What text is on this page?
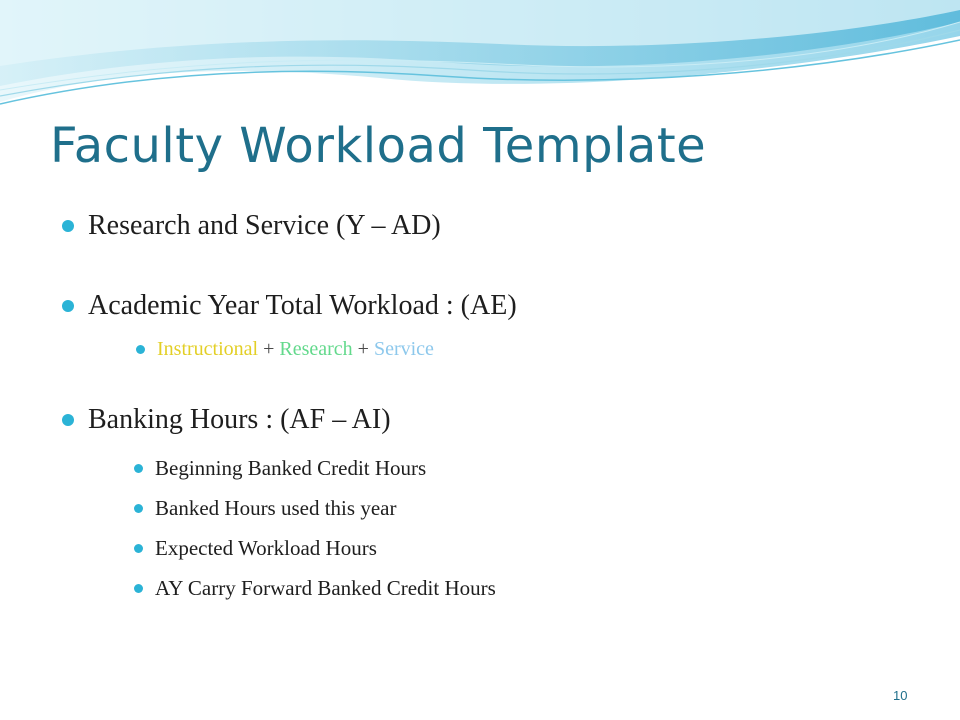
Faculty Workload Template
Research and Service (Y – AD)
Academic Year Total Workload : (AE)
Instructional + Research + Service
Banking Hours : (AF – AI)
Beginning Banked Credit Hours
Banked Hours used this year
Expected Workload Hours
AY Carry Forward Banked Credit Hours
10
